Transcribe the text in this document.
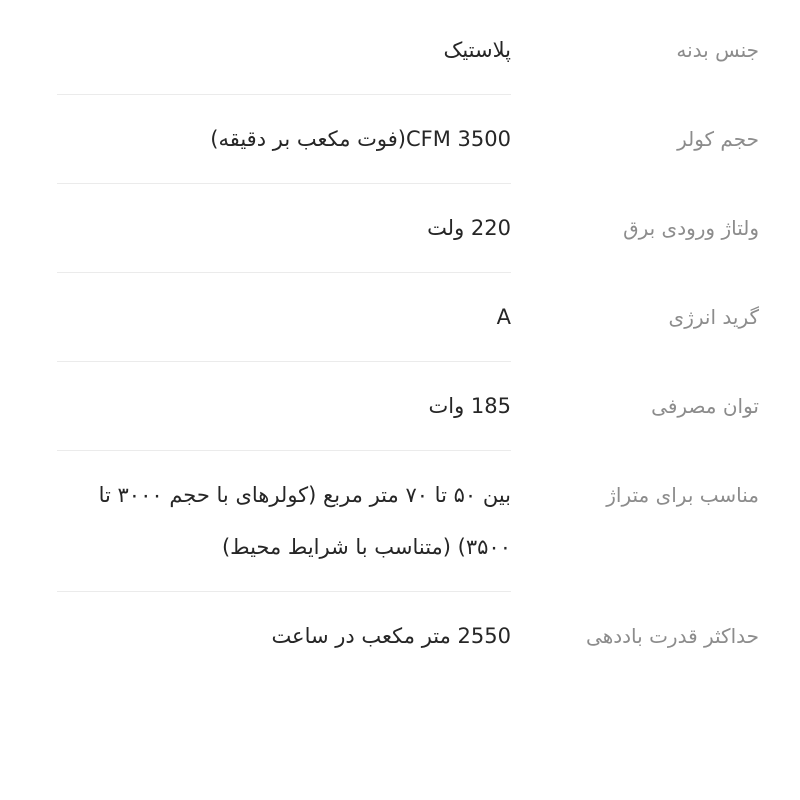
جنس بدنه
پلاستیک
حجم کولر
3500 CFM(فوت مکعب بر دقیقه)
ولتاژ ورودی برق
220 ولت
گرید انرژی
A
توان مصرفی
185 وات
مناسب برای متراژ
بین ۵۰ تا ۷۰ متر مربع (کولرهای با حجم ۳۰۰۰ تا ۳۵۰۰) (متناسب با شرایط محیط)
حداکثر قدرت باددهی
2550 متر مکعب در ساعت
